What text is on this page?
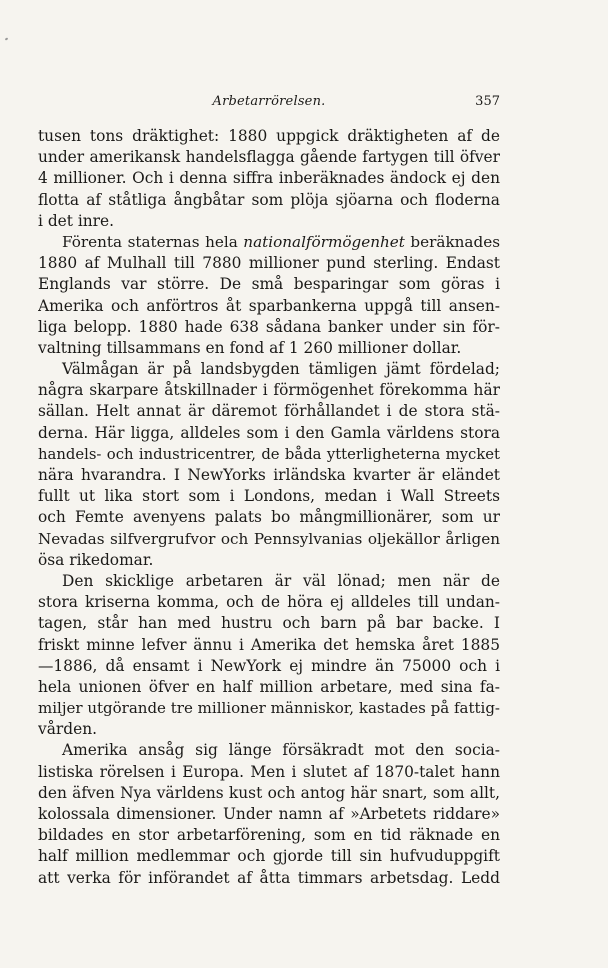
Arbetarrörelsen.	357
tusen tons dräktighet: 1880 uppgick dräktigheten af de
under amerikansk handelsflagga gående fartygen till öfver
4 millioner. Och i denna siffra inberäknades ändock ej den
flotta af ståtliga ångbåtar som plöja sjöarna och floderna
i det inre.
Förenta staternas hela nationalförmögenhet beräknades
1880 af Mulhall till 7880 millioner pund sterling. Endast
Englands var större. De små besparingar som göras i
Amerika och anförtros åt sparbankerna uppgå till ansen-
liga belopp. 1880 hade 638 sådana banker under sin för-
valtning tillsammans en fond af 1 260 millioner dollar.
Välmågan är på landsbygden tämligen jämt fördelad;
några skarpare åtskillnader i förmögenhet förekomma här
sällan. Helt annat är däremot förhållandet i de stora stä-
derna. Här ligga, alldeles som i den Gamla världens stora
handels- och industricentrer, de båda ytterligheterna mycket
nära hvarandra. I NewYorks irländska kvarter är eländet
fullt ut lika stort som i Londons, medan i Wall Streets
och Femte avenyens palats bo mångmillionärer, som ur
Nevadas silfvergrufvor och Pennsylvanias oljekällor årligen
ösa rikedomar.
Den skicklige arbetaren är väl lönad; men när de
stora kriserna komma, och de höra ej alldeles till undan-
tagen, står han med hustru och barn på bar backe. I
friskt minne lefver ännu i Amerika det hemska året 1885
—1886, då ensamt i NewYork ej mindre än 75000 och i
hela unionen öfver en half million arbetare, med sina fa-
miljer utgörande tre millioner människor, kastades på fattig-
vården.
Amerika ansåg sig länge försäkradt mot den socia-
listiska rörelsen i Europa. Men i slutet af 1870-talet hann
den äfven Nya världens kust och antog här snart, som allt,
kolossala dimensioner. Under namn af »Arbetets riddare»
bildades en stor arbetarförening, som en tid räknade en
half million medlemmar och gjorde till sin hufvuduppgift
att verka för införandet af åtta timmars arbetsdag. Ledd
